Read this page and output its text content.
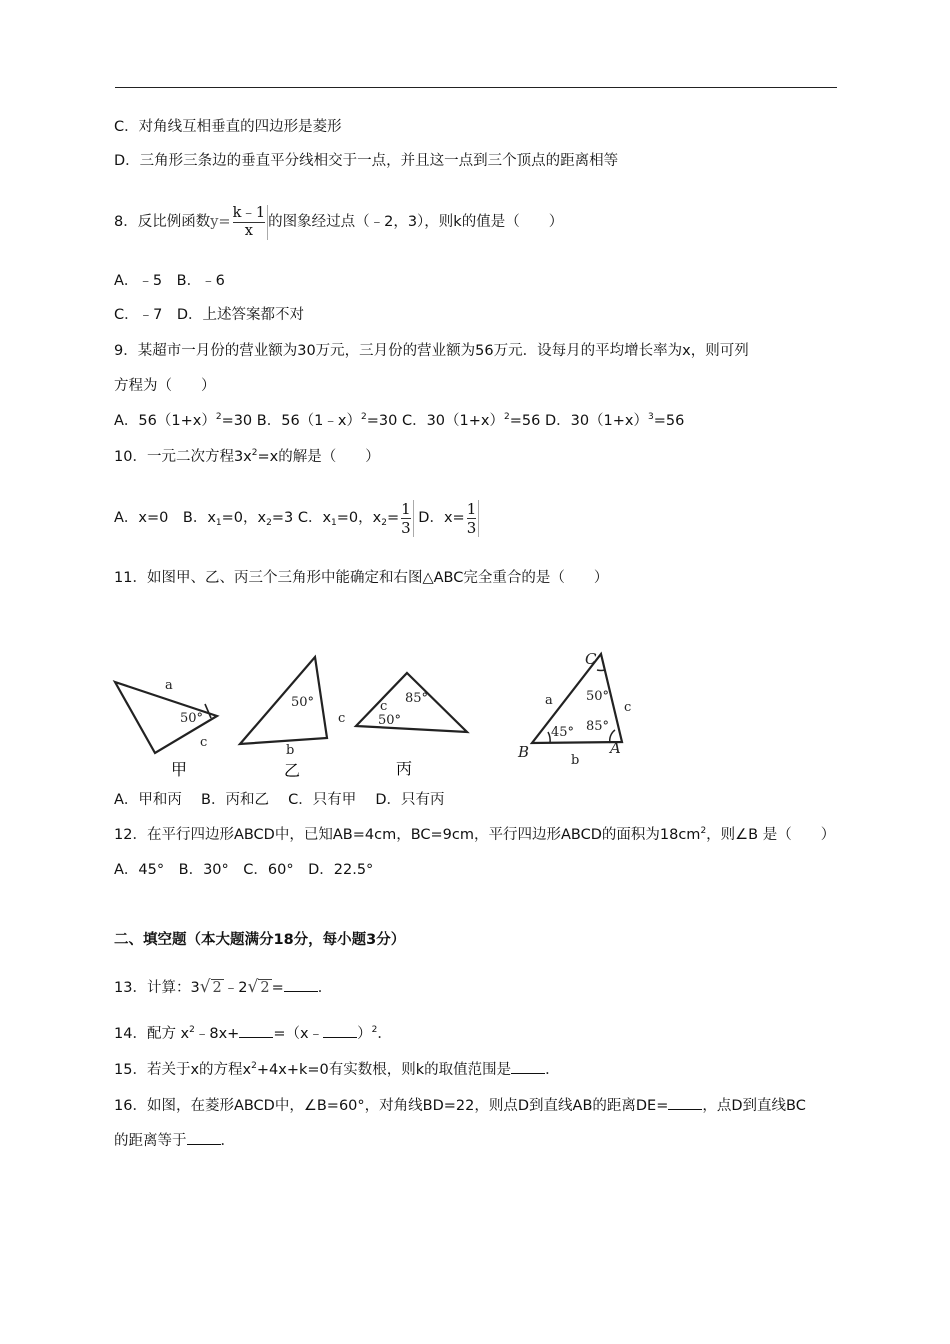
C．对角线互相垂直的四边形是菱形
D．三角形三条边的垂直平分线相交于一点，并且这一点到三个顶点的距离相等
8．反比例函数$y= \frac{k﹣1}{x}$ 的图象经过点（﹣2，3），则k的值是（　　）
A．﹣5　B．﹣6
C．﹣7　D．上述答案都不对
9．某超市一月份的营业额为30万元，三月份的营业额为56万元．设每月的平均增长率为x，则可列
方程为（　　）
A．$56(1+x)^2=30$ B．56（1﹣x）$^2$=30 C．$30(1+x)^2=56$ D．$30(1+x)^3=56$
10．一元二次方程$3x^2=x$的解是（　　）
A．x=0　B．$x_1=0$，$x_2=3$ C．$x_1=0$，$x_2= \frac{1}{3}$ D．$x= \frac{1}{3}$
11．如图甲、乙、丙三个三角形中能确定和右图△ABC完全重合的是（　　）
a
50°
c
50°
c
b
85°
c
50°
C
50°
a	c
45° 85°
B	A
b
甲	乙	丙
A．甲和丙　 B．丙和乙　 C．只有甲　 D．只有丙
12．在平行四边形ABCD中，已知AB=4cm，BC=9cm，平行四边形ABCD的面积为$18cm^2$，则∠B 是（　　）
A．45°　B．30°　C．60°　D．22.5°
二、填空题（本大题满分18分，每小题3分）
13．计算：3√ 2 ﹣2√ 2 = ．
14．配方 $x^2﹣8x+$ =（x﹣ ）$^2$．
15．若关于x的方程$x^2+4x+k=0$有实数根，则k的取值范围是 ．
16．如图，在菱形ABCD中，∠B=60°，对角线BD=22，则点D到直线AB的距离DE= ，点D到直线BC
的距离等于 ．
